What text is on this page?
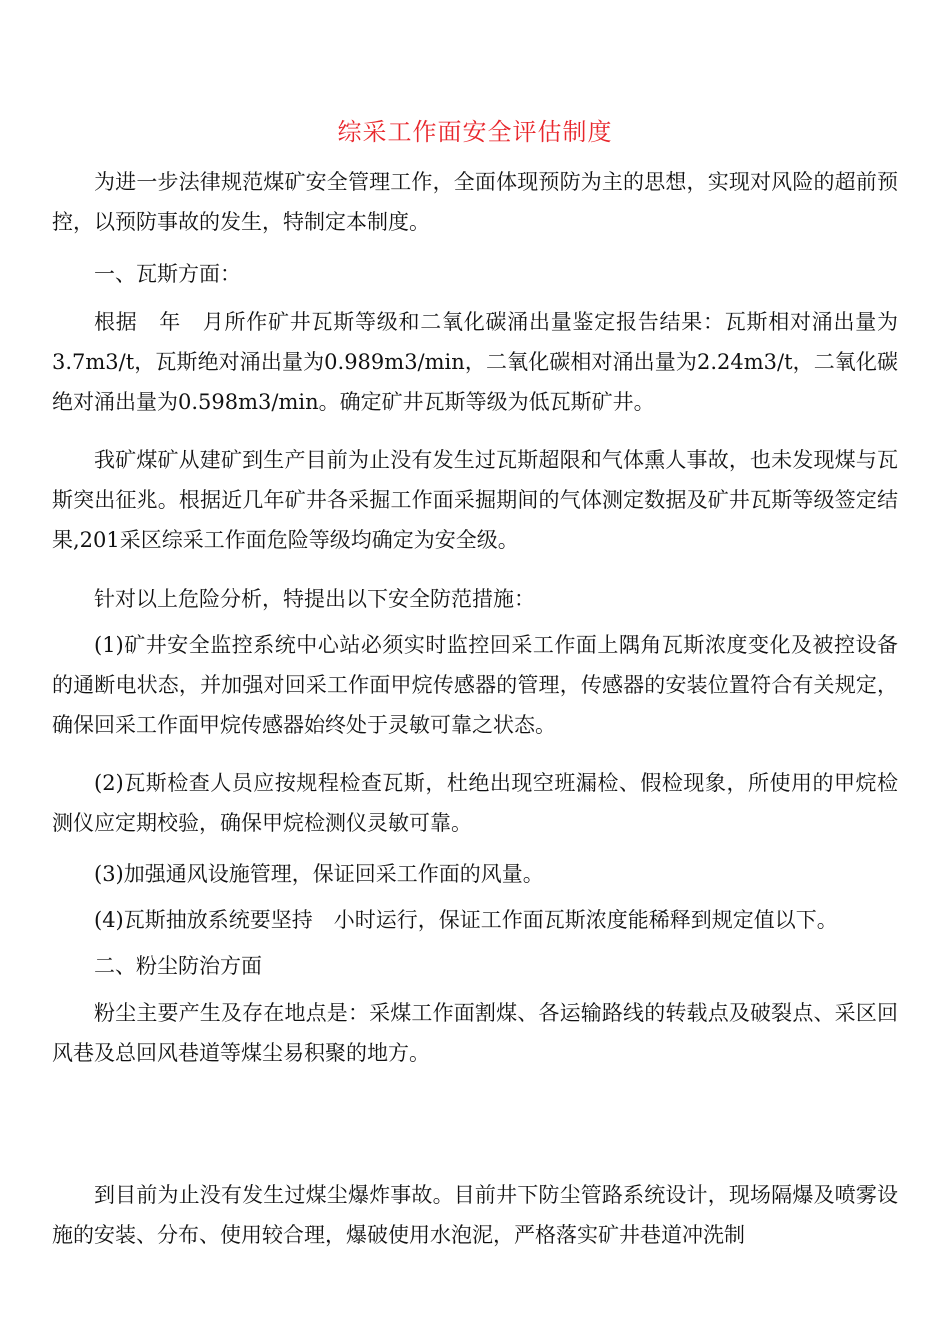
综采工作面安全评估制度

为进一步法律规范煤矿安全管理工作，全面体现预防为主的思想，实现对风险的超前预控，以预防事故的发生，特制定本制度。

一、瓦斯方面：

根据　年　月所作矿井瓦斯等级和二氧化碳涌出量鉴定报告结果：瓦斯相对涌出量为3.7m3/t，瓦斯绝对涌出量为0.989m3/min，二氧化碳相对涌出量为2.24m3/t，二氧化碳绝对涌出量为0.598m3/min。确定矿井瓦斯等级为低瓦斯矿井。

我矿煤矿从建矿到生产目前为止没有发生过瓦斯超限和气体熏人事故，也未发现煤与瓦斯突出征兆。根据近几年矿井各采掘工作面采掘期间的气体测定数据及矿井瓦斯等级签定结果,201采区综采工作面危险等级均确定为安全级。

针对以上危险分析，特提出以下安全防范措施：

(1)矿井安全监控系统中心站必须实时监控回采工作面上隅角瓦斯浓度变化及被控设备的通断电状态，并加强对回采工作面甲烷传感器的管理，传感器的安装位置符合有关规定，确保回采工作面甲烷传感器始终处于灵敏可靠之状态。

(2)瓦斯检查人员应按规程检查瓦斯，杜绝出现空班漏检、假检现象，所使用的甲烷检测仪应定期校验，确保甲烷检测仪灵敏可靠。

(3)加强通风设施管理，保证回采工作面的风量。

(4)瓦斯抽放系统要坚持　小时运行，保证工作面瓦斯浓度能稀释到规定值以下。

二、粉尘防治方面

粉尘主要产生及存在地点是：采煤工作面割煤、各运输路线的转载点及破裂点、采区回风巷及总回风巷道等煤尘易积聚的地方。

到目前为止没有发生过煤尘爆炸事故。目前井下防尘管路系统设计，现场隔爆及喷雾设施的安装、分布、使用较合理，爆破使用水泡泥，严格落实矿井巷道冲洗制
